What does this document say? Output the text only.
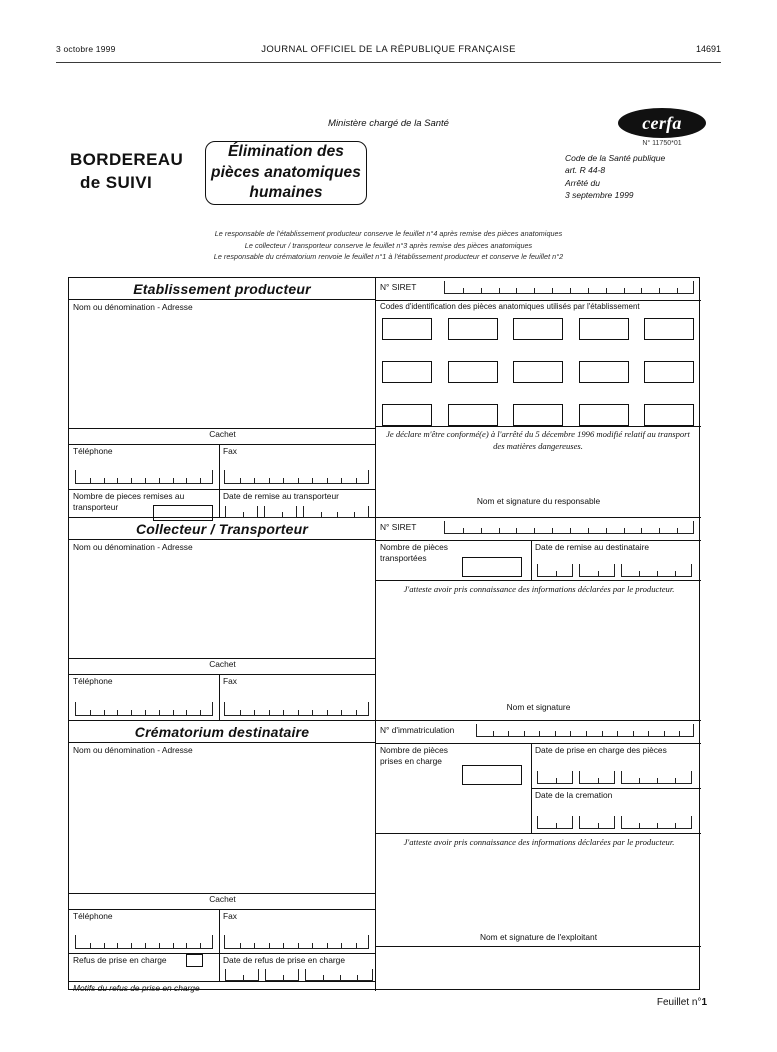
3 octobre 1999	JOURNAL OFFICIEL DE LA RÉPUBLIQUE FRANÇAISE	14691
Ministère chargé de la Santé
BORDEREAU
de SUIVI
Élimination des pièces anatomiques humaines
cerfa
N° 11750*01
Code de la Santé publique
art. R 44-8
Arrêté du
3 septembre 1999
Le responsable de l'établissement producteur conserve le feuillet n°4 après remise des pièces anatomiques
Le collecteur / transporteur conserve le feuillet n°3 après remise des pièces anatomiques
Le responsable du crématorium renvoie le feuillet n°1 à l'établissement producteur et conserve le feuillet n°2
Etablissement producteur
Nom ou dénomination - Adresse
Cachet
Téléphone	Fax
Nombre de pieces remises au
transporteur
Date de remise au transporteur
N° SIRET
Codes d'identification des pièces anatomiques utilisés par l'établissement
Je déclare m'être conformé(e) à l'arrêté du 5 décembre 1996 modifié relatif au transport des matières dangereuses.
Nom et signature du responsable
Collecteur / Transporteur
Nom ou dénomination - Adresse
Cachet
Téléphone	Fax
N° SIRET
Nombre de pièces
transportées
Date de remise au destinataire
J'atteste avoir pris connaissance des informations déclarées par le producteur.
Nom et signature
Crématorium destinataire
Nom ou dénomination - Adresse
Cachet
Téléphone	Fax
Refus de prise en charge	Date de refus de prise en charge
Motifs du refus de prise en charge
N° d'immatriculation
Nombre de pièces
prises en charge
Date de prise en charge des pièces
Date de la cremation
J'atteste avoir pris connaissance des informations déclarées par le producteur.
Nom et signature de l'exploitant
Feuillet n°1
